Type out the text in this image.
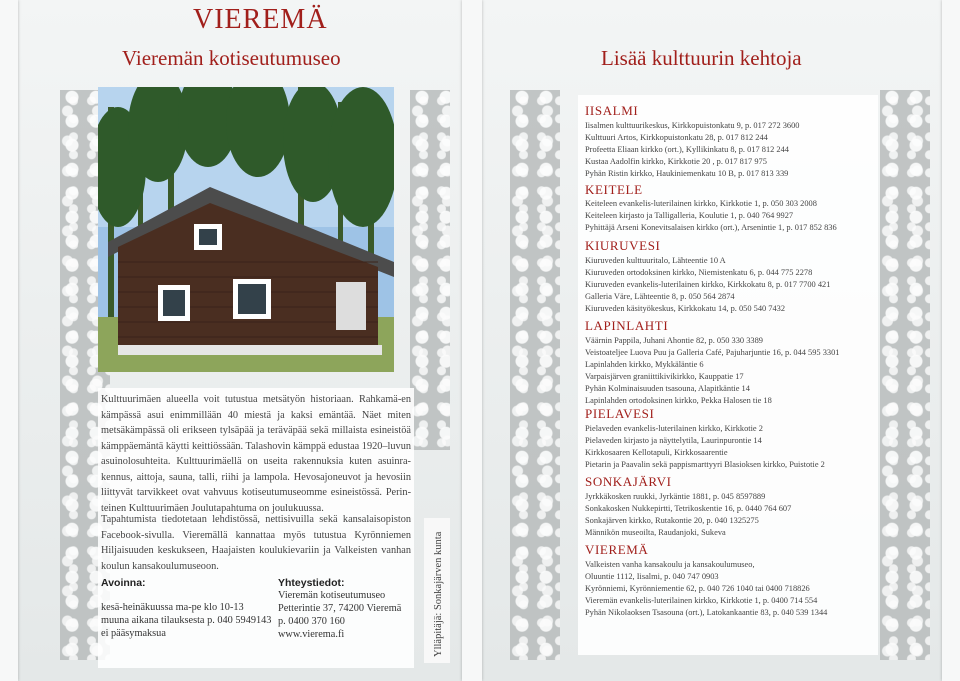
VIEREMÄ
Vieremän kotiseutumuseo	Lisää kulttuurin kehtoja
Kulttuurimäen alueella voit tutustua metsätyön historiaan. Rahkamä-en kämpässä asui enimmillään 40 miestä ja kaksi emäntää. Näet miten metsäkämpässä oli erikseen tylsäpää ja teräväpää sekä millaista esineistöä kämppäemäntä käytti keittiössään. Talashovin kämppä edustaa 1920–luvun asuinolosuhteita. Kulttuurimäellä on useita rakennuksia kuten asuinra-kennus, aittoja, sauna, talli, riihi ja lampola. Hevosajoneuvot ja hevosiin liittyvät tarvikkeet ovat vahvuus kotiseutumuseomme esineistössä. Perin-teinen Kulttuurimäen Joulutapahtuma on joulukuussa.
Tapahtumista tiedotetaan lehdistössä, nettisivuilla sekä kansalaisopiston Facebook-sivulla. Vieremällä kannattaa myös tutustua Kyrönniemen Hiljaisuuden keskukseen, Haajaisten koulukievariin ja Valkeisten vanhan koulun kansakoulumuseoon.
Avoinna:
kesä-heinäkuussa ma-pe klo 10-13
muuna aikana tilauksesta p. 040 5949143
ei pääsymaksua
Yhteystiedot:
Vieremän kotiseutumuseo
Petterintie 37, 74200 Vieremä
p. 0400 370 160
www.vierema.fi	Ylläpitäjä: Sonkajärven kunta
IISALMI
Iisalmen kulttuurikeskus, Kirkkopuistonkatu 9, p. 017 272 3600
Kulttuuri Artos, Kirkkopuistonkatu 28, p. 017 812 244
Profeetta Eliaan kirkko (ort.), Kyllikinkatu 8, p. 017 812 244
Kustaa Aadolfin kirkko, Kirkkotie 20 , p. 017 817 975
Pyhän Ristin kirkko, Haukiniemenkatu 10 B, p. 017 813 339
KEITELE
Keiteleen evankelis-luterilainen kirkko, Kirkkotie 1, p. 050 303 2008
Keiteleen kirjasto ja Talligalleria, Koulutie 1, p. 040 764 9927
Pyhittäjä Arseni Konevitsalaisen kirkko (ort.), Arsenintie 1, p. 017 852 836
KIURUVESI
Kiuruveden kulttuuritalo, Lähteentie 10 A
Kiuruveden ortodoksinen kirkko, Niemistenkatu 6, p. 044 775 2278
Kiuruveden evankelis-luterilainen kirkko, Kirkkokatu 8, p. 017 7700 421
Galleria Väre, Lähteentie 8, p. 050 564 2874
Kiuruveden käsityökeskus, Kirkkokatu 14, p. 050 540 7432
LAPINLAHTI
Väärnin Pappila, Juhani Ahontie 82, p. 050 330 3389
Veistoateljee Luova Puu ja Galleria Café, Pajuharjuntie 16, p. 044 595 3301
Lapinlahden kirkko, Mykkäläntie 6
Varpaisjärven graniittikivikirkko, Kauppatie 17
Pyhän Kolminaisuuden tsasouna, Alapitkäntie 14
Lapinlahden ortodoksinen kirkko, Pekka Halosen tie 18
PIELAVESI
Pielaveden evankelis-luterilainen kirkko, Kirkkotie 2
Pielaveden kirjasto ja näyttelytila, Laurinpurontie 14
Kirkkosaaren Kellotapuli, Kirkkosaarentie
Pietarin ja Paavalin sekä pappismarttyyri Blasioksen kirkko, Puistotie 2
SONKAJÄRVI
Jyrkkäkosken ruukki, Jyrkäntie 1881, p. 045 8597889
Sonkakosken Nukkepirtti, Tetrikoskentie 16, p. 0440 764 607
Sonkajärven kirkko, Rutakontie 20, p. 040 1325275
Männikön museoilta, Raudanjoki, Sukeva
VIEREMÄ
Valkeisten vanha kansakoulu ja kansakoulumuseo,
Oluuntie 1112, Iisalmi, p. 040 747 0903
Kyrönniemi, Kyrönniementie 62, p. 040 726 1040 tai 0400 718826
Vieremän evankelis-luterilainen kirkko, Kirkkotie 1, p. 0400 714 554
Pyhän Nikolaoksen Tsasouna (ort.), Latokankaantie 83, p. 040 539 1344
